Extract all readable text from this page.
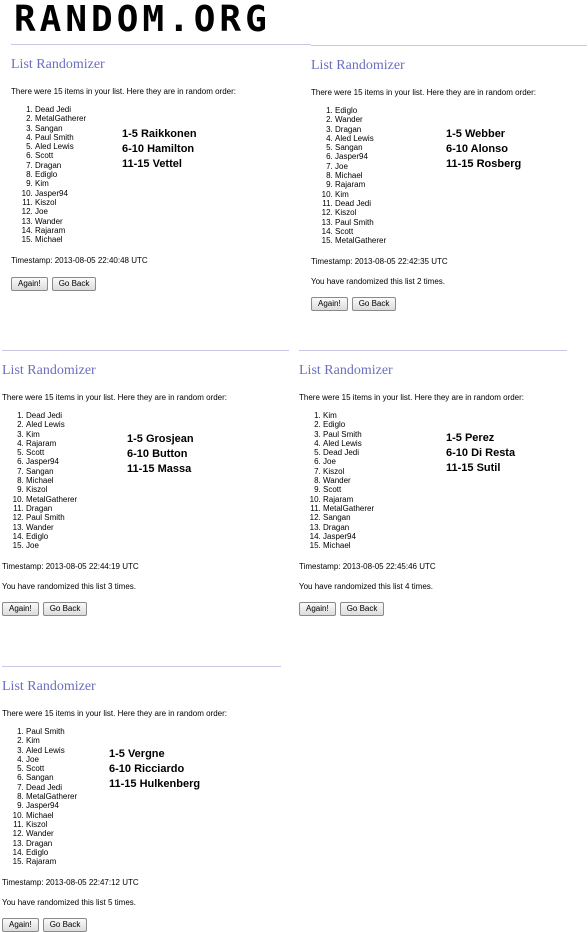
RANDOM.ORG
List Randomizer
There were 15 items in your list. Here they are in random order:
1. Dead Jedi
2. MetalGatherer
3. Sangan
4. Paul Smith
5. Aled Lewis
6. Scott
7. Dragan
8. Ediglo
9. Kim
10. Jasper94
11. Kiszol
12. Joe
13. Wander
14. Rajaram
15. Michael
Timestamp: 2013-08-05 22:40:48 UTC
Again!	Go Back
1-5 Raikkonen
6-10 Hamilton
11-15 Vettel
List Randomizer
There were 15 items in your list. Here they are in random order:
1. Ediglo
2. Wander
3. Dragan
4. Aled Lewis
5. Sangan
6. Jasper94
7. Joe
8. Michael
9. Rajaram
10. Kim
11. Dead Jedi
12. Kiszol
13. Paul Smith
14. Scott
15. MetalGatherer
Timestamp: 2013-08-05 22:42:35 UTC
You have randomized this list 2 times.
Again!	Go Back
1-5 Webber
6-10 Alonso
11-15 Rosberg
List Randomizer
There were 15 items in your list. Here they are in random order:
1. Dead Jedi
2. Aled Lewis
3. Kim
4. Rajaram
5. Scott
6. Jasper94
7. Sangan
8. Michael
9. Kiszol
10. MetalGatherer
11. Dragan
12. Paul Smith
13. Wander
14. Ediglo
15. Joe
Timestamp: 2013-08-05 22:44:19 UTC
You have randomized this list 3 times.
Again!	Go Back
1-5 Grosjean
6-10 Button
11-15 Massa
List Randomizer
There were 15 items in your list. Here they are in random order:
1. Kim
2. Ediglo
3. Paul Smith
4. Aled Lewis
5. Dead Jedi
6. Joe
7. Kiszol
8. Wander
9. Scott
10. Rajaram
11. MetalGatherer
12. Sangan
13. Dragan
14. Jasper94
15. Michael
Timestamp: 2013-08-05 22:45:46 UTC
You have randomized this list 4 times.
Again!	Go Back
1-5 Perez
6-10 Di Resta
11-15 Sutil
List Randomizer
There were 15 items in your list. Here they are in random order:
1. Paul Smith
2. Kim
3. Aled Lewis
4. Joe
5. Scott
6. Sangan
7. Dead Jedi
8. MetalGatherer
9. Jasper94
10. Michael
11. Kiszol
12. Wander
13. Dragan
14. Ediglo
15. Rajaram
Timestamp: 2013-08-05 22:47:12 UTC
You have randomized this list 5 times.
Again!	Go Back
1-5 Vergne
6-10 Ricciardo
11-15 Hulkenberg
